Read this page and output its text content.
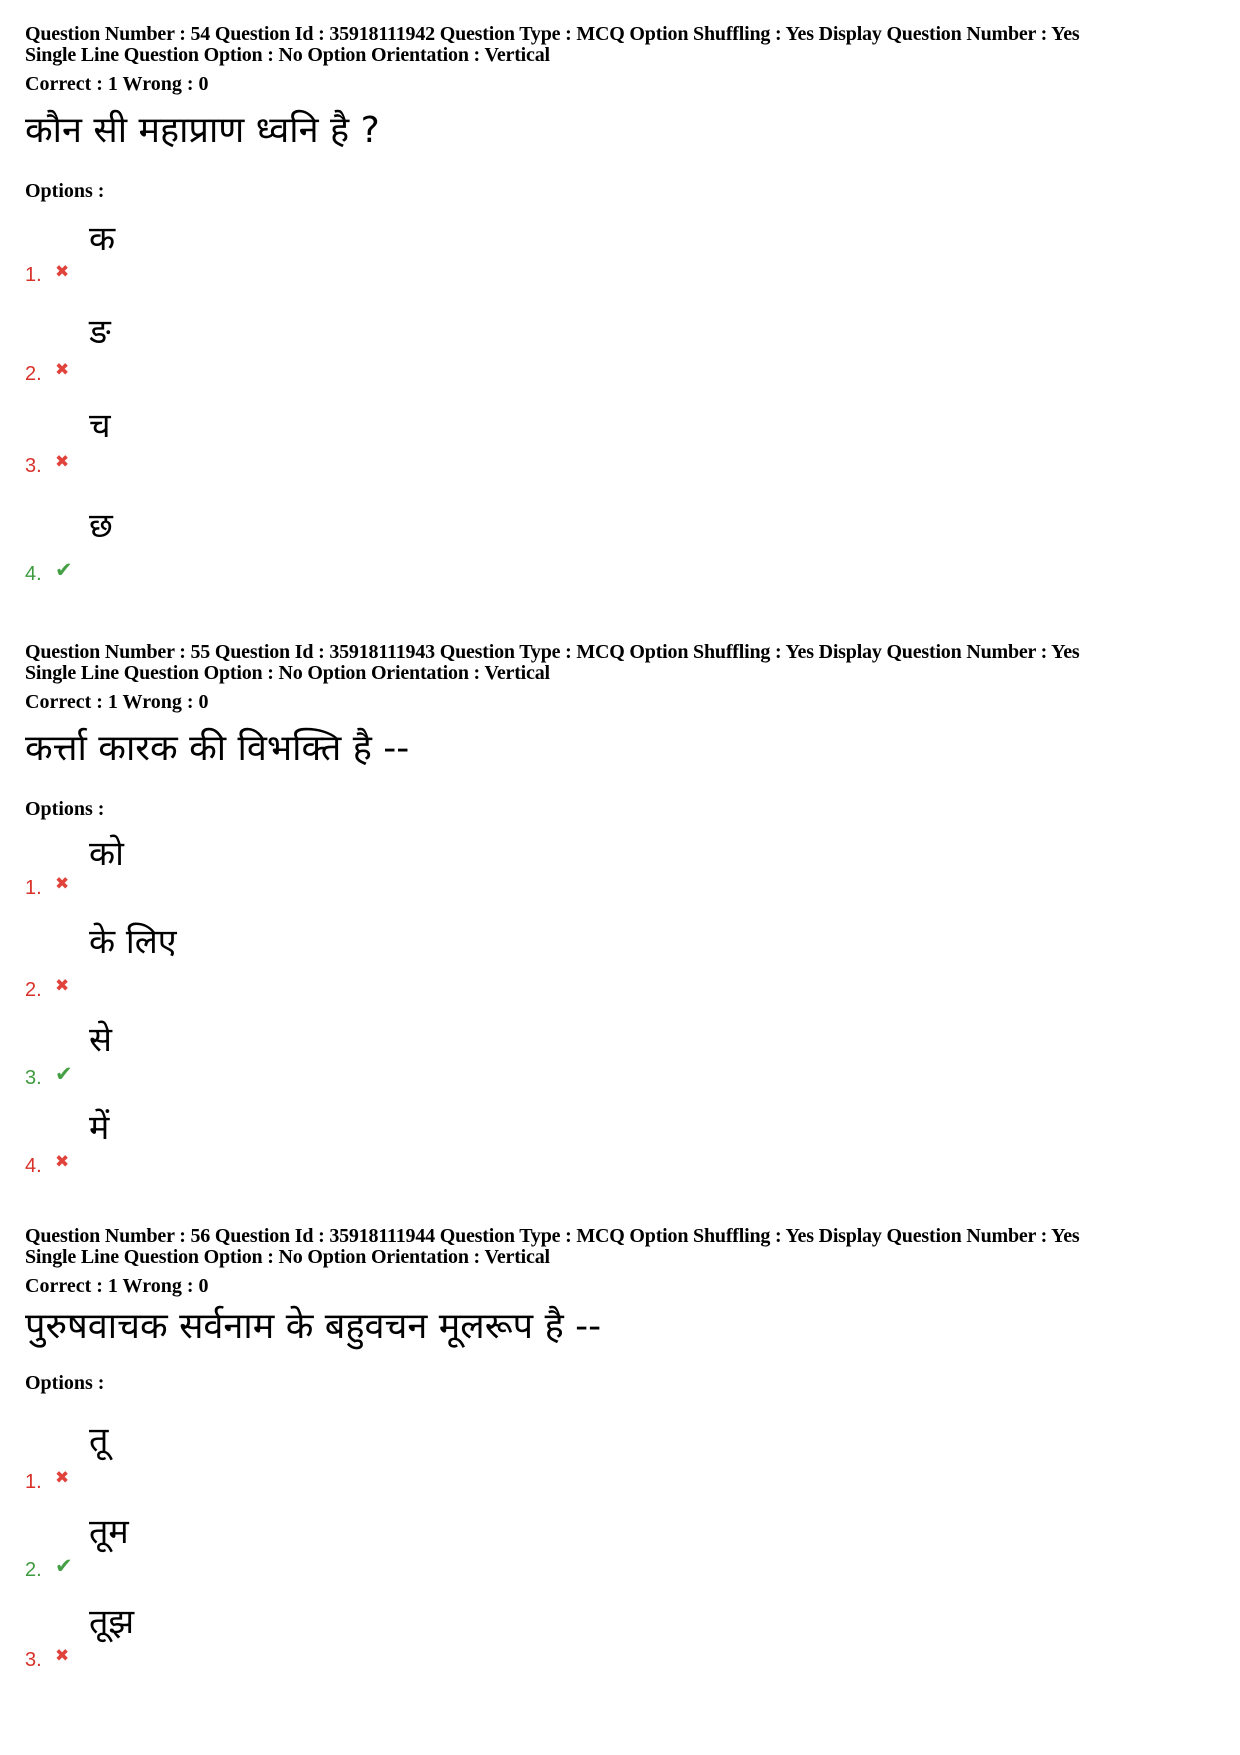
Question Number : 54 Question Id : 35918111942 Question Type : MCQ Option Shuffling : Yes Display Question Number : Yes
Single Line Question Option : No Option Orientation : Vertical
Correct : 1 Wrong : 0
कौन सी महाप्राण ध्वनि है ?
Options :
1. ✖
क
2. ✖
ङ
3. ✖
च
4. ✔
छ
Question Number : 55 Question Id : 35918111943 Question Type : MCQ Option Shuffling : Yes Display Question Number : Yes
Single Line Question Option : No Option Orientation : Vertical
Correct : 1 Wrong : 0
कर्त्ता कारक की विभक्ति है --
Options :
1. ✖
को
2. ✖
के लिए
3. ✔
से
4. ✖
में
Question Number : 56 Question Id : 35918111944 Question Type : MCQ Option Shuffling : Yes Display Question Number : Yes
Single Line Question Option : No Option Orientation : Vertical
Correct : 1 Wrong : 0
पुरुषवाचक सर्वनाम के बहुवचन मूलरूप है --
Options :
1. ✖
तू
2. ✔
तूम
3. ✖
तूझ
